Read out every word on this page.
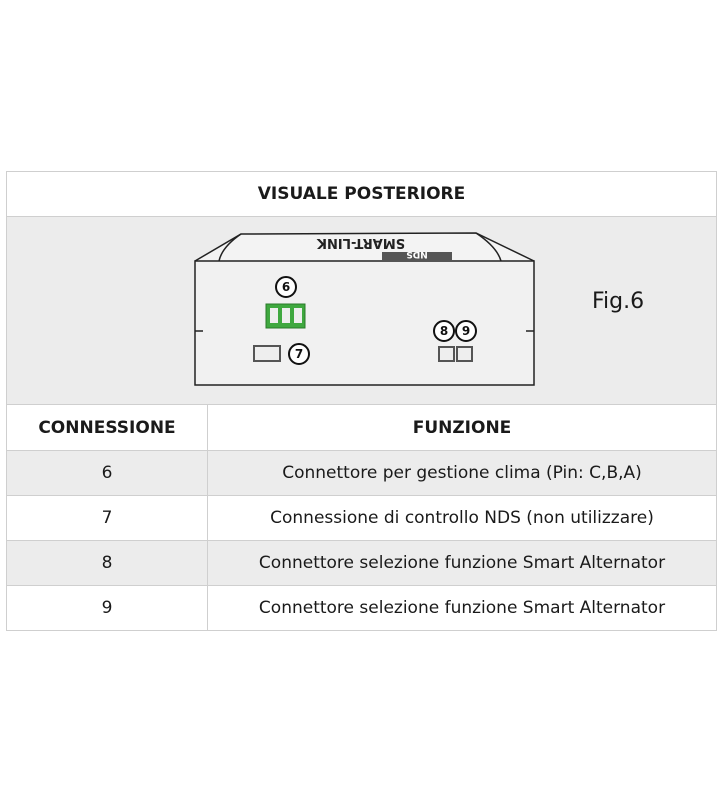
VISUALE POSTERIORE
SMART-LINK
NDS
6
7
8 9
Fig.6
CONNESSIONE	FUNZIONE
6	Connettore per gestione clima (Pin: C,B,A)
7	Connessione di controllo NDS (non utilizzare)
8	Connettore selezione funzione Smart Alternator
9	Connettore selezione funzione Smart Alternator
